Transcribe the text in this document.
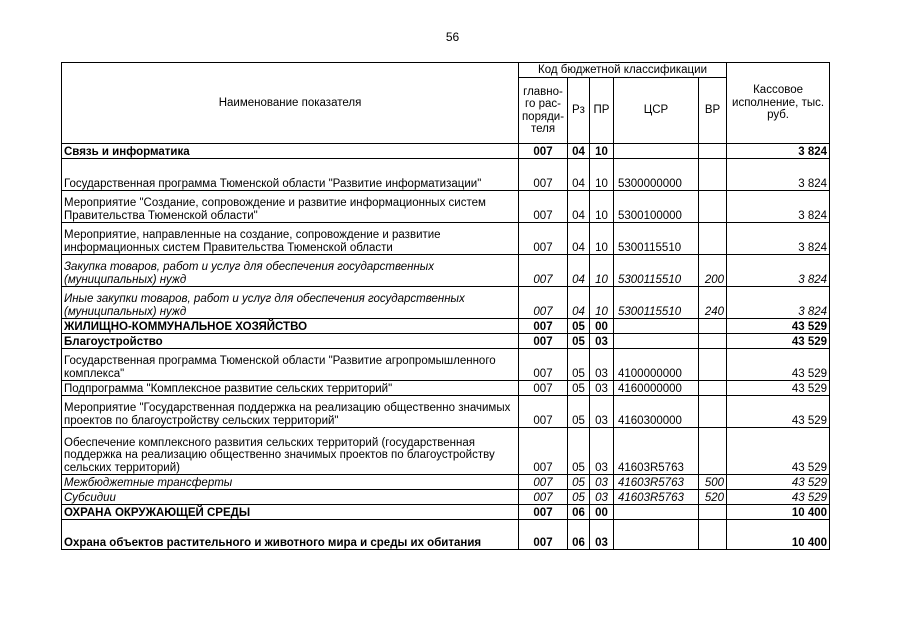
56
Наименование показателя	Код бюджетной классификации					Кассовое исполнение, тыс. руб.
	главно-го рас-поряди-теля	Рз	ПР	ЦСР	ВР	
Связь и информатика	007	04	10			3 824
Государственная программа Тюменской области "Развитие информатизации"	007	04	10	5300000000		3 824
Мероприятие "Создание, сопровождение и развитие информационных систем Правительства Тюменской области"	007	04	10	5300100000		3 824
Мероприятие, направленные на создание, сопровождение и развитие информационных систем Правительства Тюменской области	007	04	10	5300115510		3 824
Закупка товаров, работ и услуг для обеспечения государственных (муниципальных) нужд	007	04	10	5300115510	200	3 824
Иные закупки товаров, работ и услуг для обеспечения государственных (муниципальных) нужд	007	04	10	5300115510	240	3 824
ЖИЛИЩНО-КОММУНАЛЬНОЕ ХОЗЯЙСТВО	007	05	00			43 529
Благоустройство	007	05	03			43 529
Государственная программа Тюменской области "Развитие агропромышленного комплекса"	007	05	03	4100000000		43 529
Подпрограмма "Комплексное развитие сельских территорий"	007	05	03	4160000000		43 529
Мероприятие "Государственная поддержка на реализацию общественно значимых проектов по благоустройству сельских территорий"	007	05	03	4160300000		43 529
Обеспечение комплексного развития сельских территорий (государственная поддержка на реализацию общественно значимых проектов по благоустройству сельских территорий)	007	05	03	41603R5763		43 529
Межбюджетные трансферты	007	05	03	41603R5763	500	43 529
Субсидии	007	05	03	41603R5763	520	43 529
ОХРАНА ОКРУЖАЮЩЕЙ СРЕДЫ	007	06	00			10 400
Охрана объектов растительного и животного мира и среды их обитания	007	06	03			10 400
